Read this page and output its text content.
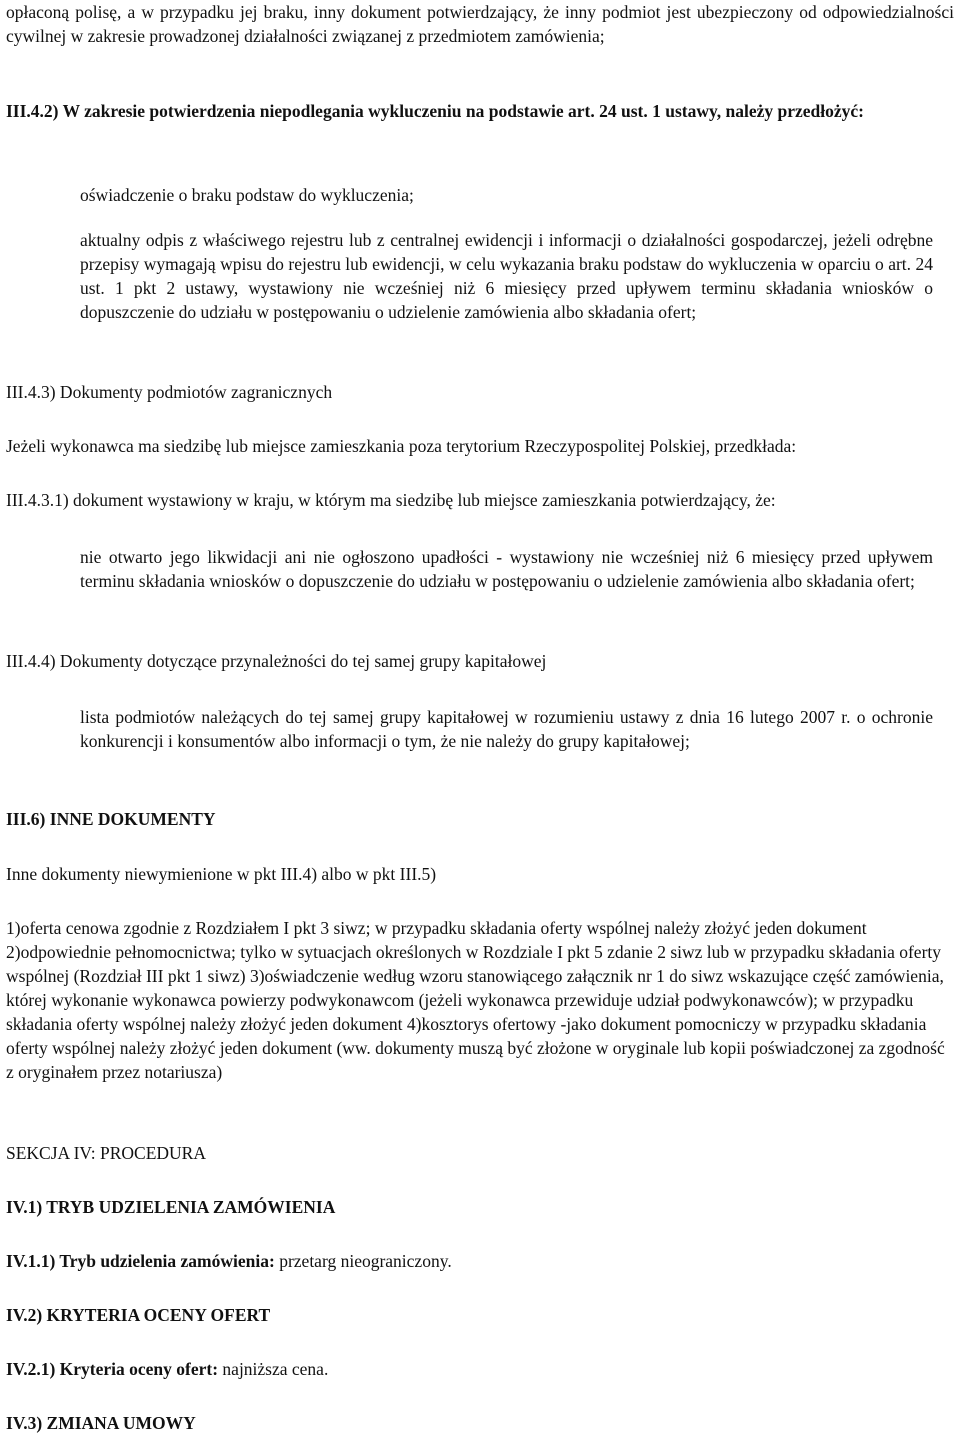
opłaconą polisę, a w przypadku jej braku, inny dokument potwierdzający, że inny podmiot jest ubezpieczony od odpowiedzialności cywilnej w zakresie prowadzonej działalności związanej z przedmiotem zamówienia;

III.4.2) W zakresie potwierdzenia niepodlegania wykluczeniu na podstawie art. 24 ust. 1 ustawy, należy przedłożyć:

oświadczenie o braku podstaw do wykluczenia;

aktualny odpis z właściwego rejestru lub z centralnej ewidencji i informacji o działalności gospodarczej, jeżeli odrębne przepisy wymagają wpisu do rejestru lub ewidencji, w celu wykazania braku podstaw do wykluczenia w oparciu o art. 24 ust. 1 pkt 2 ustawy, wystawiony nie wcześniej niż 6 miesięcy przed upływem terminu składania wniosków o dopuszczenie do udziału w postępowaniu o udzielenie zamówienia albo składania ofert;

III.4.3) Dokumenty podmiotów zagranicznych

Jeżeli wykonawca ma siedzibę lub miejsce zamieszkania poza terytorium Rzeczypospolitej Polskiej, przedkłada:

III.4.3.1) dokument wystawiony w kraju, w którym ma siedzibę lub miejsce zamieszkania potwierdzający, że:

nie otwarto jego likwidacji ani nie ogłoszono upadłości - wystawiony nie wcześniej niż 6 miesięcy przed upływem terminu składania wniosków o dopuszczenie do udziału w postępowaniu o udzielenie zamówienia albo składania ofert;

III.4.4) Dokumenty dotyczące przynależności do tej samej grupy kapitałowej

lista podmiotów należących do tej samej grupy kapitałowej w rozumieniu ustawy z dnia 16 lutego 2007 r. o ochronie konkurencji i konsumentów albo informacji o tym, że nie należy do grupy kapitałowej;

III.6) INNE DOKUMENTY

Inne dokumenty niewymienione w pkt III.4) albo w pkt III.5)

1)oferta cenowa zgodnie z Rozdziałem I pkt 3 siwz; w przypadku składania oferty wspólnej należy złożyć jeden dokument 2)odpowiednie pełnomocnictwa; tylko w sytuacjach określonych w Rozdziale I pkt 5 zdanie 2 siwz lub w przypadku składania oferty wspólnej (Rozdział III pkt 1 siwz) 3)oświadczenie według wzoru stanowiącego załącznik nr 1 do siwz wskazujące część zamówienia, której wykonanie wykonawca powierzy podwykonawcom (jeżeli wykonawca przewiduje udział podwykonawców); w przypadku składania oferty wspólnej należy złożyć jeden dokument 4)kosztorys ofertowy -jako dokument pomocniczy w przypadku składania oferty wspólnej należy złożyć jeden dokument (ww. dokumenty muszą być złożone w oryginale lub kopii poświadczonej za zgodność z oryginałem przez notariusza)

SEKCJA IV: PROCEDURA

IV.1) TRYB UDZIELENIA ZAMÓWIENIA

IV.1.1) Tryb udzielenia zamówienia: przetarg nieograniczony.

IV.2) KRYTERIA OCENY OFERT

IV.2.1) Kryteria oceny ofert: najniższa cena.

IV.3) ZMIANA UMOWY
